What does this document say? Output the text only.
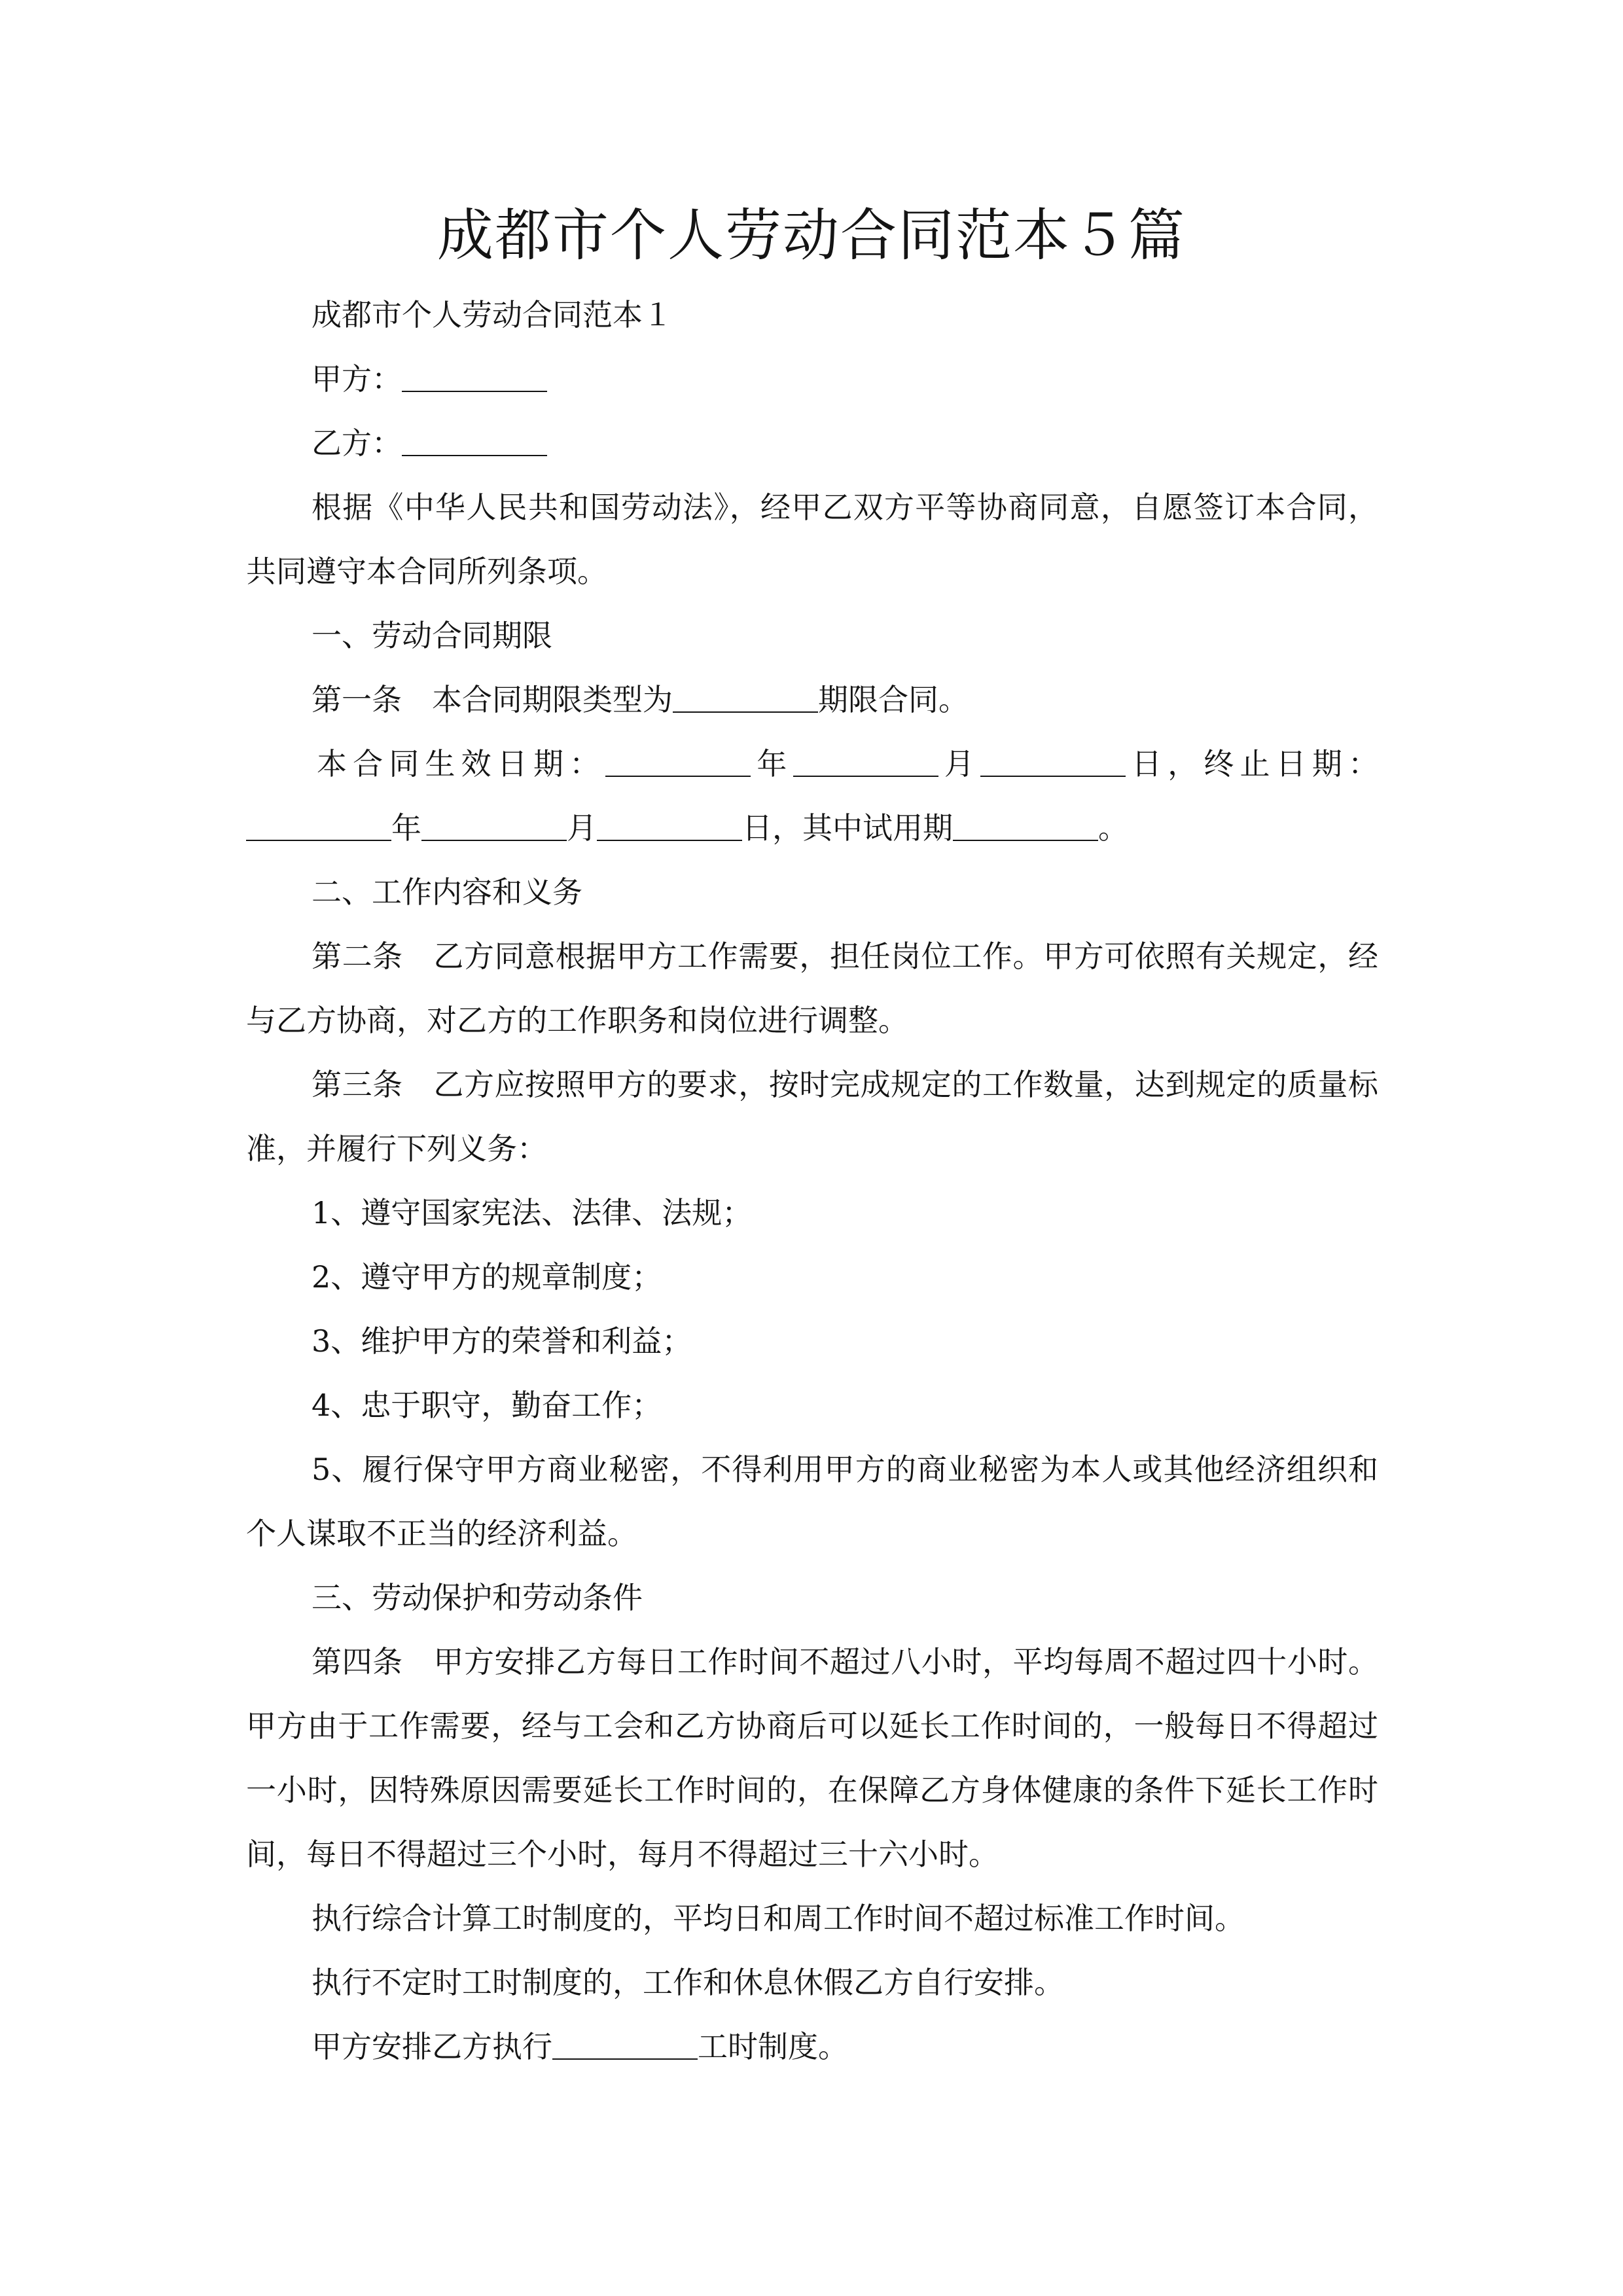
成都市个人劳动合同范本５篇

成都市个人劳动合同范本１

甲方：

乙方：

根据《中华人民共和国劳动法》，经甲乙双方平等协商同意，自愿签订本合同，共同遵守本合同所列条项。

一、劳动合同期限

第一条 本合同期限类型为	期限合同。

本合同生效日期：	年	月	日，终止日期：年	月	日，其中试用期	。

二、工作内容和义务

第二条 乙方同意根据甲方工作需要，担任岗位工作。甲方可依照有关规定，经与乙方协商，对乙方的工作职务和岗位进行调整。

第三条 乙方应按照甲方的要求，按时完成规定的工作数量，达到规定的质量标准，并履行下列义务：

1、遵守国家宪法、法律、法规；

2、遵守甲方的规章制度；

3、维护甲方的荣誉和利益；

4、忠于职守，勤奋工作；

5、履行保守甲方商业秘密，不得利用甲方的商业秘密为本人或其他经济组织和个人谋取不正当的经济利益。

三、劳动保护和劳动条件

第四条 甲方安排乙方每日工作时间不超过八小时，平均每周不超过四十小时。甲方由于工作需要，经与工会和乙方协商后可以延长工作时间的，一般每日不得超过一小时，因特殊原因需要延长工作时间的，在保障乙方身体健康的条件下延长工作时间，每日不得超过三个小时，每月不得超过三十六小时。

执行综合计算工时制度的，平均日和周工作时间不超过标准工作时间。

执行不定时工时制度的，工作和休息休假乙方自行安排。

甲方安排乙方执行	工时制度。
